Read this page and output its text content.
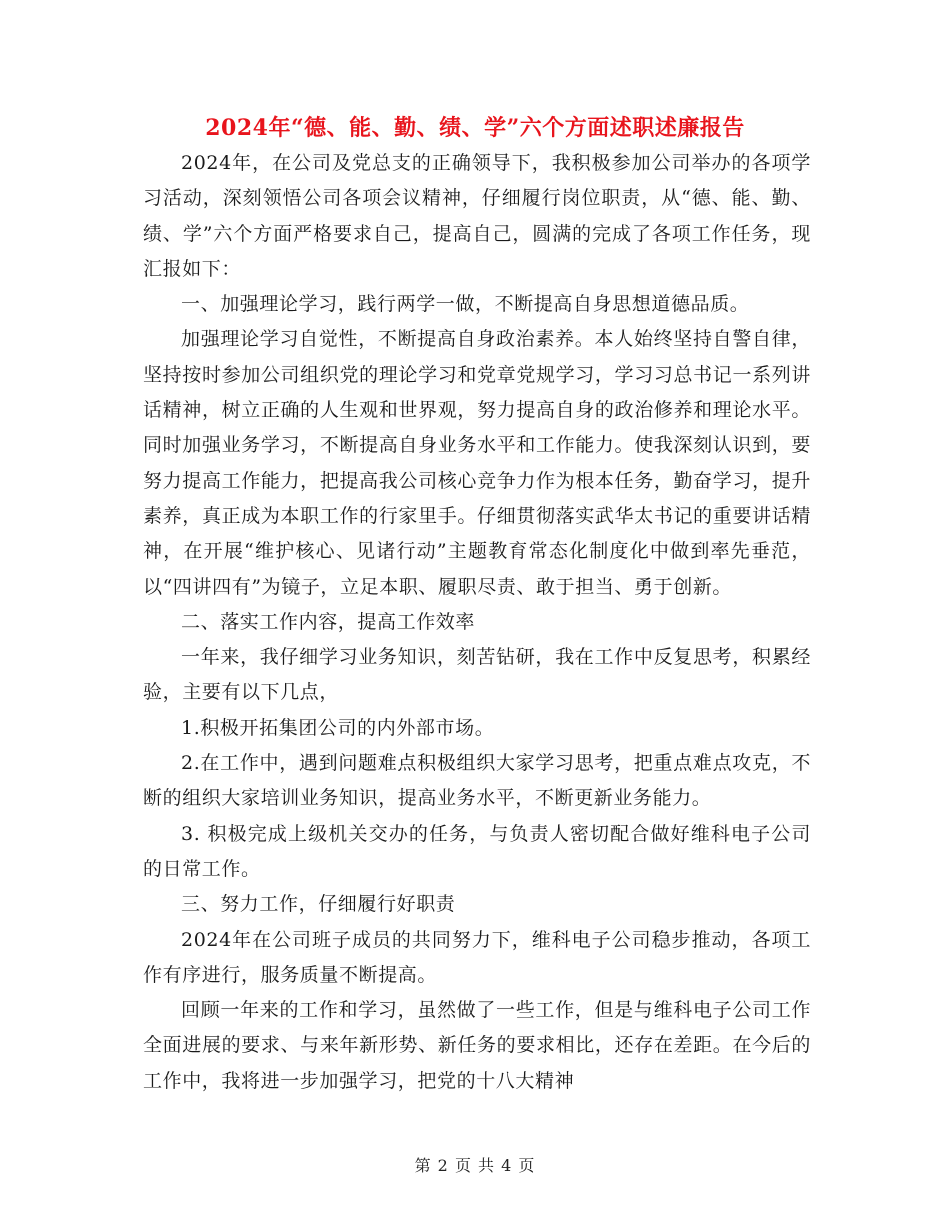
2024年“德、能、勤、绩、学”六个方面述职述廉报告

2024年，在公司及党总支的正确领导下，我积极参加公司举办的各项学习活动，深刻领悟公司各项会议精神，仔细履行岗位职责，从“德、能、勤、绩、学”六个方面严格要求自己，提高自己，圆满的完成了各项工作任务，现汇报如下：

一、加强理论学习，践行两学一做，不断提高自身思想道德品质。

加强理论学习自觉性，不断提高自身政治素养。本人始终坚持自警自律，坚持按时参加公司组织党的理论学习和党章党规学习，学习习总书记一系列讲话精神，树立正确的人生观和世界观，努力提高自身的政治修养和理论水平。同时加强业务学习，不断提高自身业务水平和工作能力。使我深刻认识到，要努力提高工作能力，把提高我公司核心竞争力作为根本任务，勤奋学习，提升素养，真正成为本职工作的行家里手。仔细贯彻落实武华太书记的重要讲话精神，在开展“维护核心、见诸行动”主题教育常态化制度化中做到率先垂范，以“四讲四有”为镜子，立足本职、履职尽责、敢于担当、勇于创新。

二、落实工作内容，提高工作效率

一年来，我仔细学习业务知识，刻苦钻研，我在工作中反复思考，积累经验，主要有以下几点，

1.积极开拓集团公司的内外部市场。

2.在工作中，遇到问题难点积极组织大家学习思考，把重点难点攻克，不断的组织大家培训业务知识，提高业务水平，不断更新业务能力。

3. 积极完成上级机关交办的任务，与负责人密切配合做好维科电子公司的日常工作。

三、努力工作，仔细履行好职责

2024年在公司班子成员的共同努力下，维科电子公司稳步推动，各项工作有序进行，服务质量不断提高。

回顾一年来的工作和学习，虽然做了一些工作，但是与维科电子公司工作全面进展的要求、与来年新形势、新任务的要求相比，还存在差距。在今后的工作中，我将进一步加强学习，把党的十八大精神

第 2 页 共 4 页
